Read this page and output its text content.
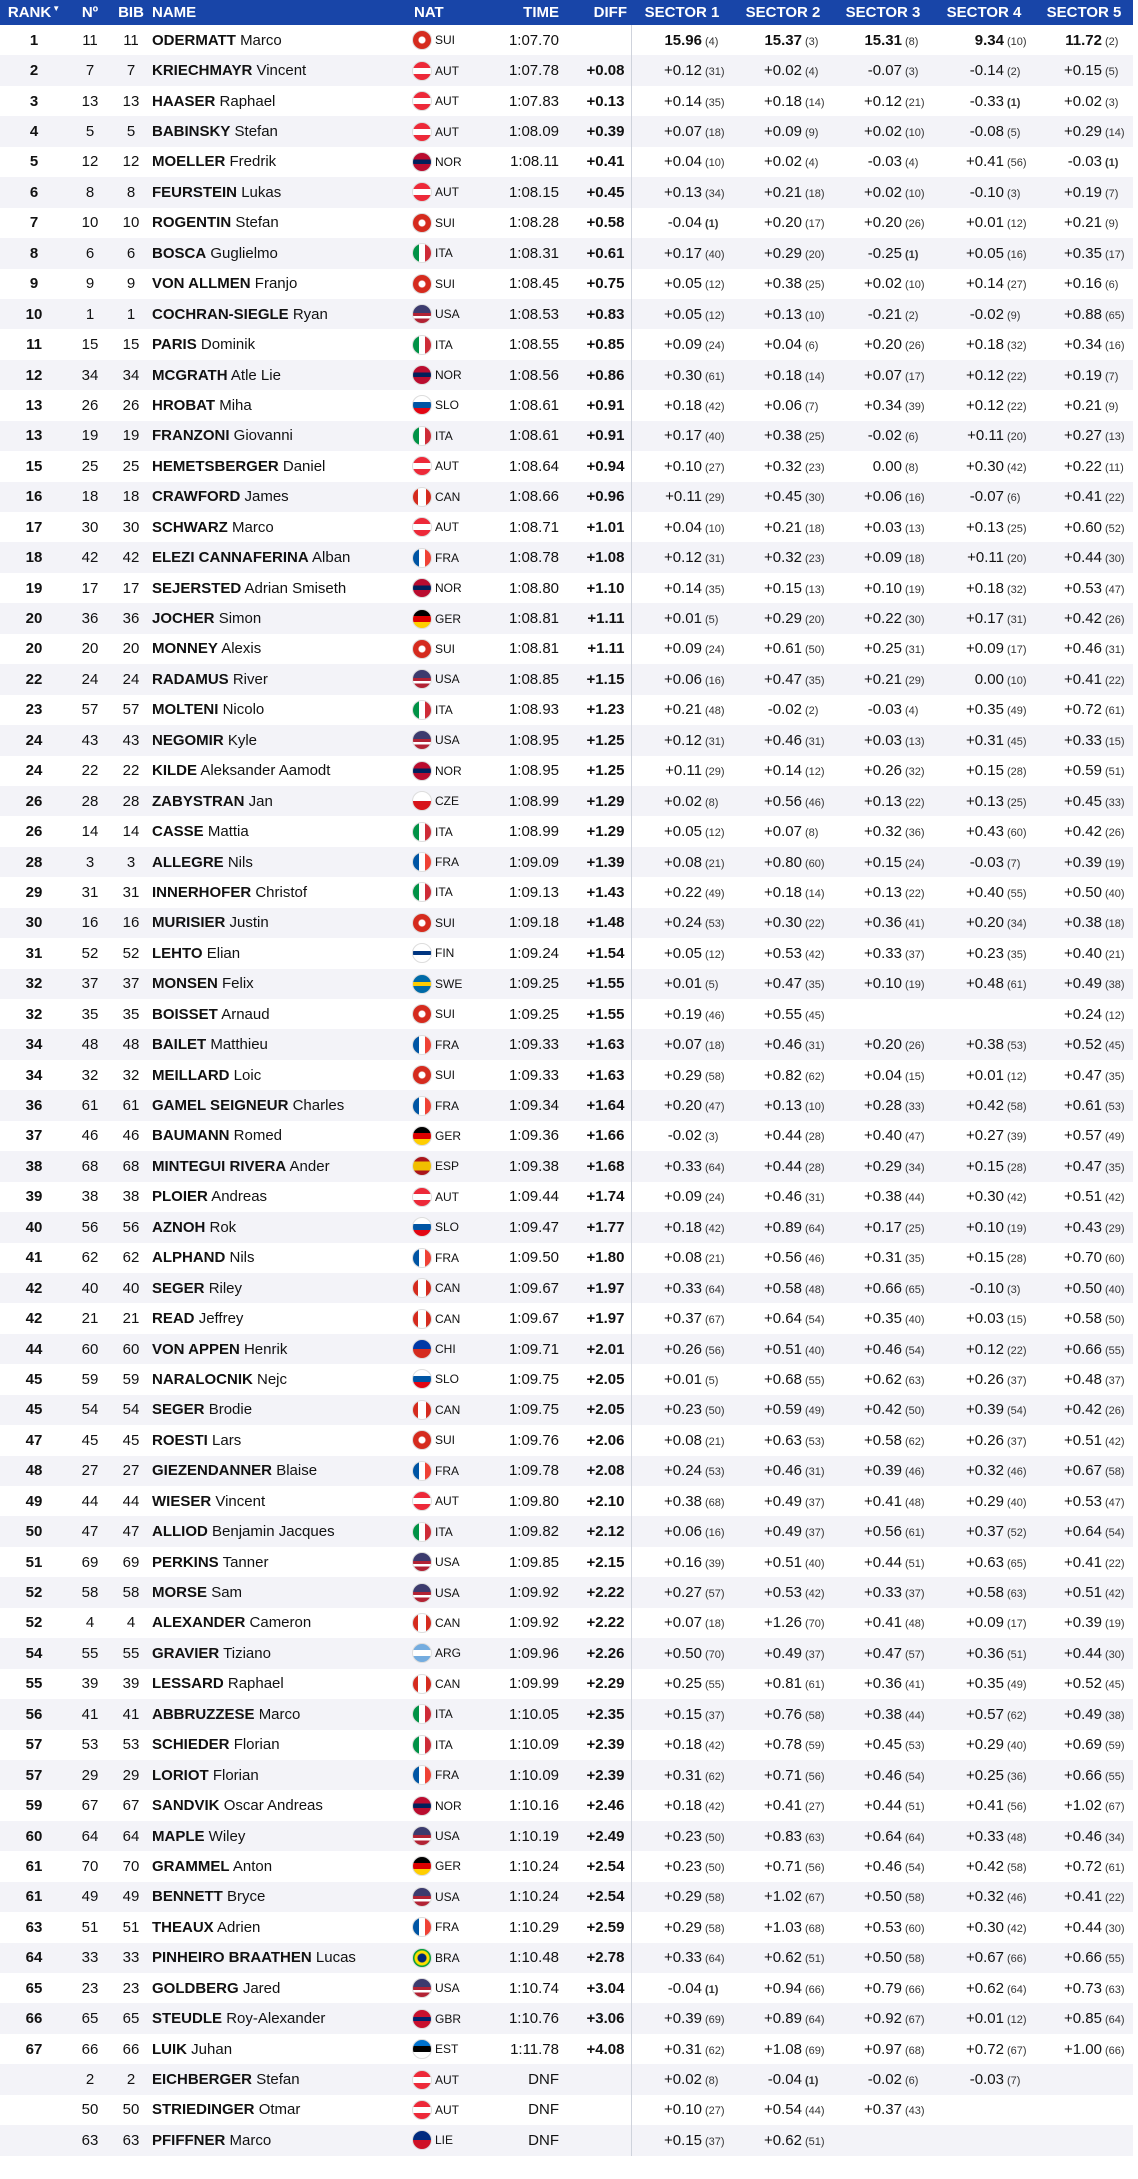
RANK▼	Nº	BIB	NAME	NAT	TIME	DIFF	SECTOR 1	SECTOR 2	SECTOR 3	SECTOR 4	SECTOR 5
1	11	11	ODERMATT Marco	SUI	1:07.70		15.96 (4)	15.37 (3)	15.31 (8)	9.34 (10)	11.72 (2)
2	7	7	KRIECHMAYR Vincent	AUT	1:07.78	+0.08	+0.12 (31)	+0.02 (4)	-0.07 (3)	-0.14 (2)	+0.15 (5)
3	13	13	HAASER Raphael	AUT	1:07.83	+0.13	+0.14 (35)	+0.18 (14)	+0.12 (21)	-0.33 (1)	+0.02 (3)
4	5	5	BABINSKY Stefan	AUT	1:08.09	+0.39	+0.07 (18)	+0.09 (9)	+0.02 (10)	-0.08 (5)	+0.29 (14)
5	12	12	MOELLER Fredrik	NOR	1:08.11	+0.41	+0.04 (10)	+0.02 (4)	-0.03 (4)	+0.41 (56)	-0.03 (1)
6	8	8	FEURSTEIN Lukas	AUT	1:08.15	+0.45	+0.13 (34)	+0.21 (18)	+0.02 (10)	-0.10 (3)	+0.19 (7)
7	10	10	ROGENTIN Stefan	SUI	1:08.28	+0.58	-0.04 (1)	+0.20 (17)	+0.20 (26)	+0.01 (12)	+0.21 (9)
8	6	6	BOSCA Guglielmo	ITA	1:08.31	+0.61	+0.17 (40)	+0.29 (20)	-0.25 (1)	+0.05 (16)	+0.35 (17)
9	9	9	VON ALLMEN Franjo	SUI	1:08.45	+0.75	+0.05 (12)	+0.38 (25)	+0.02 (10)	+0.14 (27)	+0.16 (6)
10	1	1	COCHRAN-SIEGLE Ryan	USA	1:08.53	+0.83	+0.05 (12)	+0.13 (10)	-0.21 (2)	-0.02 (9)	+0.88 (65)
11	15	15	PARIS Dominik	ITA	1:08.55	+0.85	+0.09 (24)	+0.04 (6)	+0.20 (26)	+0.18 (32)	+0.34 (16)
12	34	34	MCGRATH Atle Lie	NOR	1:08.56	+0.86	+0.30 (61)	+0.18 (14)	+0.07 (17)	+0.12 (22)	+0.19 (7)
13	26	26	HROBAT Miha	SLO	1:08.61	+0.91	+0.18 (42)	+0.06 (7)	+0.34 (39)	+0.12 (22)	+0.21 (9)
13	19	19	FRANZONI Giovanni	ITA	1:08.61	+0.91	+0.17 (40)	+0.38 (25)	-0.02 (6)	+0.11 (20)	+0.27 (13)
15	25	25	HEMETSBERGER Daniel	AUT	1:08.64	+0.94	+0.10 (27)	+0.32 (23)	0.00 (8)	+0.30 (42)	+0.22 (11)
16	18	18	CRAWFORD James	CAN	1:08.66	+0.96	+0.11 (29)	+0.45 (30)	+0.06 (16)	-0.07 (6)	+0.41 (22)
17	30	30	SCHWARZ Marco	AUT	1:08.71	+1.01	+0.04 (10)	+0.21 (18)	+0.03 (13)	+0.13 (25)	+0.60 (52)
18	42	42	ELEZI CANNAFERINA Alban	FRA	1:08.78	+1.08	+0.12 (31)	+0.32 (23)	+0.09 (18)	+0.11 (20)	+0.44 (30)
19	17	17	SEJERSTED Adrian Smiseth	NOR	1:08.80	+1.10	+0.14 (35)	+0.15 (13)	+0.10 (19)	+0.18 (32)	+0.53 (47)
20	36	36	JOCHER Simon	GER	1:08.81	+1.11	+0.01 (5)	+0.29 (20)	+0.22 (30)	+0.17 (31)	+0.42 (26)
20	20	20	MONNEY Alexis	SUI	1:08.81	+1.11	+0.09 (24)	+0.61 (50)	+0.25 (31)	+0.09 (17)	+0.46 (31)
22	24	24	RADAMUS River	USA	1:08.85	+1.15	+0.06 (16)	+0.47 (35)	+0.21 (29)	0.00 (10)	+0.41 (22)
23	57	57	MOLTENI Nicolo	ITA	1:08.93	+1.23	+0.21 (48)	-0.02 (2)	-0.03 (4)	+0.35 (49)	+0.72 (61)
24	43	43	NEGOMIR Kyle	USA	1:08.95	+1.25	+0.12 (31)	+0.46 (31)	+0.03 (13)	+0.31 (45)	+0.33 (15)
24	22	22	KILDE Aleksander Aamodt	NOR	1:08.95	+1.25	+0.11 (29)	+0.14 (12)	+0.26 (32)	+0.15 (28)	+0.59 (51)
26	28	28	ZABYSTRAN Jan	CZE	1:08.99	+1.29	+0.02 (8)	+0.56 (46)	+0.13 (22)	+0.13 (25)	+0.45 (33)
26	14	14	CASSE Mattia	ITA	1:08.99	+1.29	+0.05 (12)	+0.07 (8)	+0.32 (36)	+0.43 (60)	+0.42 (26)
28	3	3	ALLEGRE Nils	FRA	1:09.09	+1.39	+0.08 (21)	+0.80 (60)	+0.15 (24)	-0.03 (7)	+0.39 (19)
29	31	31	INNERHOFER Christof	ITA	1:09.13	+1.43	+0.22 (49)	+0.18 (14)	+0.13 (22)	+0.40 (55)	+0.50 (40)
30	16	16	MURISIER Justin	SUI	1:09.18	+1.48	+0.24 (53)	+0.30 (22)	+0.36 (41)	+0.20 (34)	+0.38 (18)
31	52	52	LEHTO Elian	FIN	1:09.24	+1.54	+0.05 (12)	+0.53 (42)	+0.33 (37)	+0.23 (35)	+0.40 (21)
32	37	37	MONSEN Felix	SWE	1:09.25	+1.55	+0.01 (5)	+0.47 (35)	+0.10 (19)	+0.48 (61)	+0.49 (38)
32	35	35	BOISSET Arnaud	SUI	1:09.25	+1.55	+0.19 (46)	+0.55 (45)			+0.24 (12)
34	48	48	BAILET Matthieu	FRA	1:09.33	+1.63	+0.07 (18)	+0.46 (31)	+0.20 (26)	+0.38 (53)	+0.52 (45)
34	32	32	MEILLARD Loic	SUI	1:09.33	+1.63	+0.29 (58)	+0.82 (62)	+0.04 (15)	+0.01 (12)	+0.47 (35)
36	61	61	GAMEL SEIGNEUR Charles	FRA	1:09.34	+1.64	+0.20 (47)	+0.13 (10)	+0.28 (33)	+0.42 (58)	+0.61 (53)
37	46	46	BAUMANN Romed	GER	1:09.36	+1.66	-0.02 (3)	+0.44 (28)	+0.40 (47)	+0.27 (39)	+0.57 (49)
38	68	68	MINTEGUI RIVERA Ander	ESP	1:09.38	+1.68	+0.33 (64)	+0.44 (28)	+0.29 (34)	+0.15 (28)	+0.47 (35)
39	38	38	PLOIER Andreas	AUT	1:09.44	+1.74	+0.09 (24)	+0.46 (31)	+0.38 (44)	+0.30 (42)	+0.51 (42)
40	56	56	AZNOH Rok	SLO	1:09.47	+1.77	+0.18 (42)	+0.89 (64)	+0.17 (25)	+0.10 (19)	+0.43 (29)
41	62	62	ALPHAND Nils	FRA	1:09.50	+1.80	+0.08 (21)	+0.56 (46)	+0.31 (35)	+0.15 (28)	+0.70 (60)
42	40	40	SEGER Riley	CAN	1:09.67	+1.97	+0.33 (64)	+0.58 (48)	+0.66 (65)	-0.10 (3)	+0.50 (40)
42	21	21	READ Jeffrey	CAN	1:09.67	+1.97	+0.37 (67)	+0.64 (54)	+0.35 (40)	+0.03 (15)	+0.58 (50)
44	60	60	VON APPEN Henrik	CHI	1:09.71	+2.01	+0.26 (56)	+0.51 (40)	+0.46 (54)	+0.12 (22)	+0.66 (55)
45	59	59	NARALOCNIK Nejc	SLO	1:09.75	+2.05	+0.01 (5)	+0.68 (55)	+0.62 (63)	+0.26 (37)	+0.48 (37)
45	54	54	SEGER Brodie	CAN	1:09.75	+2.05	+0.23 (50)	+0.59 (49)	+0.42 (50)	+0.39 (54)	+0.42 (26)
47	45	45	ROESTI Lars	SUI	1:09.76	+2.06	+0.08 (21)	+0.63 (53)	+0.58 (62)	+0.26 (37)	+0.51 (42)
48	27	27	GIEZENDANNER Blaise	FRA	1:09.78	+2.08	+0.24 (53)	+0.46 (31)	+0.39 (46)	+0.32 (46)	+0.67 (58)
49	44	44	WIESER Vincent	AUT	1:09.80	+2.10	+0.38 (68)	+0.49 (37)	+0.41 (48)	+0.29 (40)	+0.53 (47)
50	47	47	ALLIOD Benjamin Jacques	ITA	1:09.82	+2.12	+0.06 (16)	+0.49 (37)	+0.56 (61)	+0.37 (52)	+0.64 (54)
51	69	69	PERKINS Tanner	USA	1:09.85	+2.15	+0.16 (39)	+0.51 (40)	+0.44 (51)	+0.63 (65)	+0.41 (22)
52	58	58	MORSE Sam	USA	1:09.92	+2.22	+0.27 (57)	+0.53 (42)	+0.33 (37)	+0.58 (63)	+0.51 (42)
52	4	4	ALEXANDER Cameron	CAN	1:09.92	+2.22	+0.07 (18)	+1.26 (70)	+0.41 (48)	+0.09 (17)	+0.39 (19)
54	55	55	GRAVIER Tiziano	ARG	1:09.96	+2.26	+0.50 (70)	+0.49 (37)	+0.47 (57)	+0.36 (51)	+0.44 (30)
55	39	39	LESSARD Raphael	CAN	1:09.99	+2.29	+0.25 (55)	+0.81 (61)	+0.36 (41)	+0.35 (49)	+0.52 (45)
56	41	41	ABBRUZZESE Marco	ITA	1:10.05	+2.35	+0.15 (37)	+0.76 (58)	+0.38 (44)	+0.57 (62)	+0.49 (38)
57	53	53	SCHIEDER Florian	ITA	1:10.09	+2.39	+0.18 (42)	+0.78 (59)	+0.45 (53)	+0.29 (40)	+0.69 (59)
57	29	29	LORIOT Florian	FRA	1:10.09	+2.39	+0.31 (62)	+0.71 (56)	+0.46 (54)	+0.25 (36)	+0.66 (55)
59	67	67	SANDVIK Oscar Andreas	NOR	1:10.16	+2.46	+0.18 (42)	+0.41 (27)	+0.44 (51)	+0.41 (56)	+1.02 (67)
60	64	64	MAPLE Wiley	USA	1:10.19	+2.49	+0.23 (50)	+0.83 (63)	+0.64 (64)	+0.33 (48)	+0.46 (34)
61	70	70	GRAMMEL Anton	GER	1:10.24	+2.54	+0.23 (50)	+0.71 (56)	+0.46 (54)	+0.42 (58)	+0.72 (61)
61	49	49	BENNETT Bryce	USA	1:10.24	+2.54	+0.29 (58)	+1.02 (67)	+0.50 (58)	+0.32 (46)	+0.41 (22)
63	51	51	THEAUX Adrien	FRA	1:10.29	+2.59	+0.29 (58)	+1.03 (68)	+0.53 (60)	+0.30 (42)	+0.44 (30)
64	33	33	PINHEIRO BRAATHEN Lucas	BRA	1:10.48	+2.78	+0.33 (64)	+0.62 (51)	+0.50 (58)	+0.67 (66)	+0.66 (55)
65	23	23	GOLDBERG Jared	USA	1:10.74	+3.04	-0.04 (1)	+0.94 (66)	+0.79 (66)	+0.62 (64)	+0.73 (63)
66	65	65	STEUDLE Roy-Alexander	GBR	1:10.76	+3.06	+0.39 (69)	+0.89 (64)	+0.92 (67)	+0.01 (12)	+0.85 (64)
67	66	66	LUIK Juhan	EST	1:11.78	+4.08	+0.31 (62)	+1.08 (69)	+0.97 (68)	+0.72 (67)	+1.00 (66)
	2	2	EICHBERGER Stefan	AUT	DNF		+0.02 (8)	-0.04 (1)	-0.02 (6)	-0.03 (7)	
	50	50	STRIEDINGER Otmar	AUT	DNF		+0.10 (27)	+0.54 (44)	+0.37 (43)		
	63	63	PFIFFNER Marco	LIE	DNF		+0.15 (37)	+0.62 (51)			
